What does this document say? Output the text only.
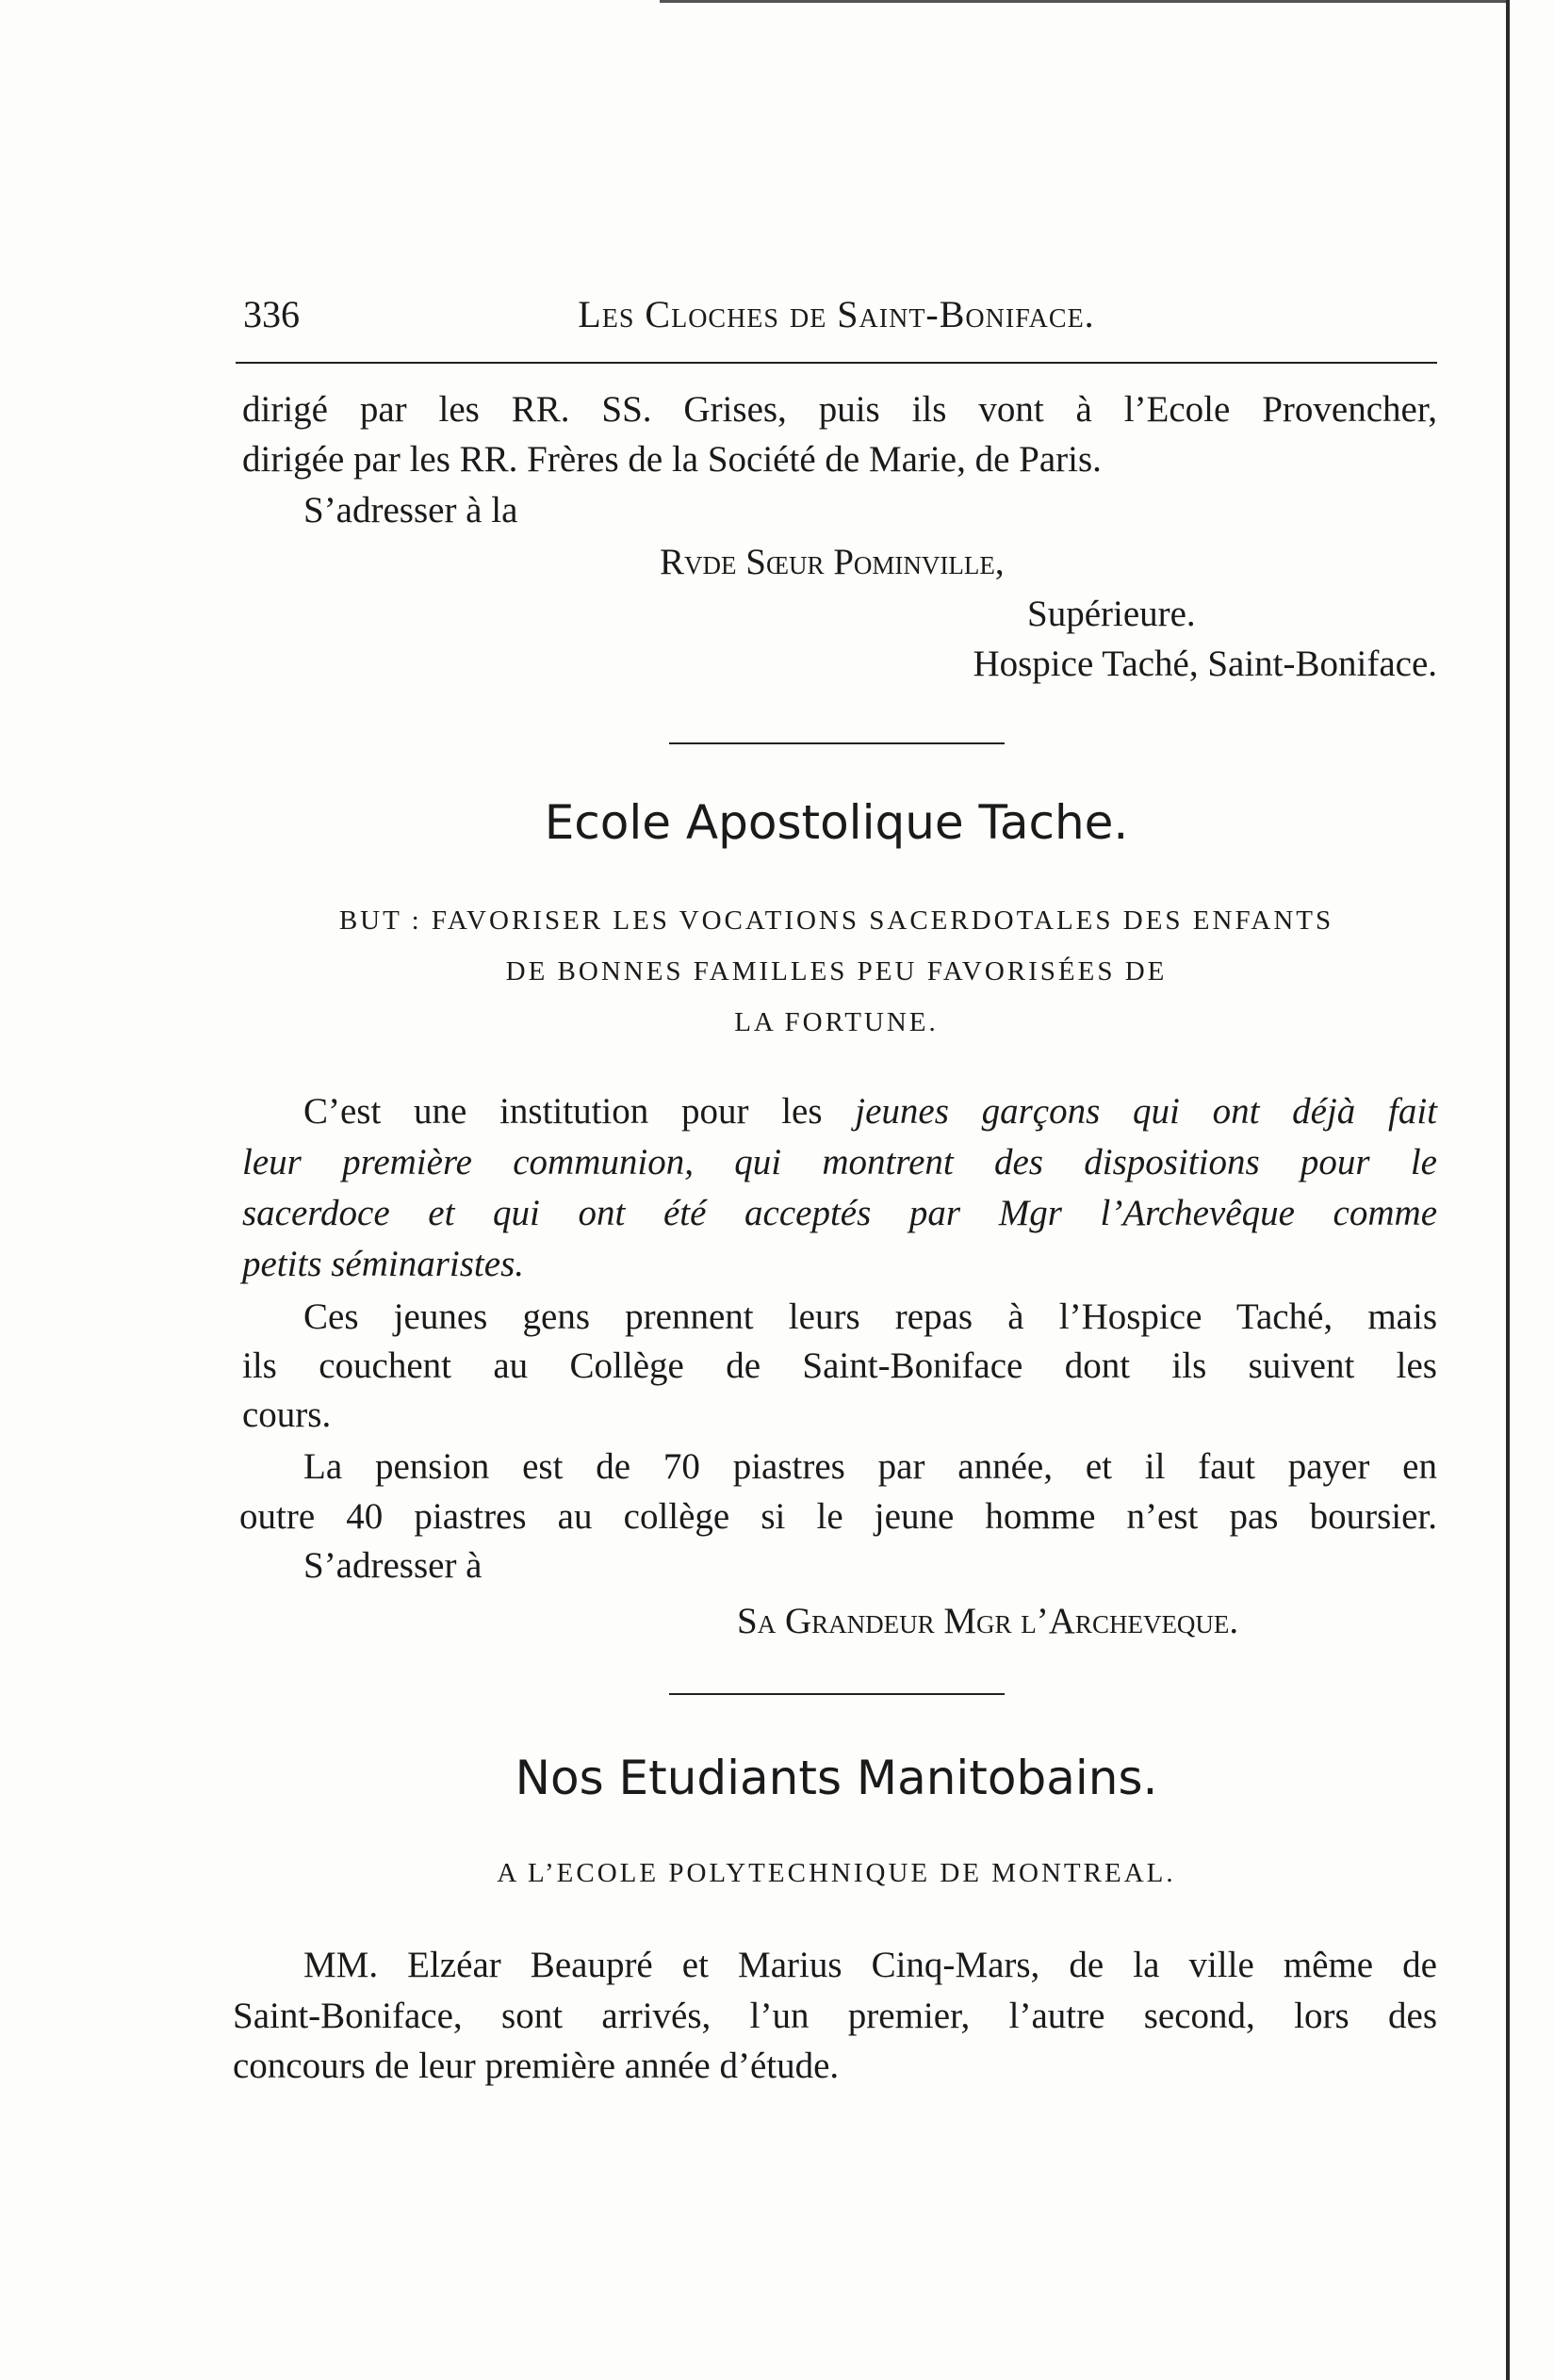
336	Les Cloches de Saint-Boniface.
dirigé par les RR. SS. Grises, puis ils vont à l’Ecole Provencher,
dirigée par les RR. Frères de la Société de Marie, de Paris.
S’adresser à la
Rvde Sœur Pominville,
Supérieure.
Hospice Taché, Saint-Boniface.
Ecole Apostolique Tache.
BUT : FAVORISER LES VOCATIONS SACERDOTALES DES ENFANTS
DE BONNES FAMILLES PEU FAVORISÉES DE
LA FORTUNE.
C’est une institution pour les jeunes garçons qui ont déjà fait
leur première communion, qui montrent des dispositions pour le
sacerdoce et qui ont été acceptés par Mgr l’Archevêque comme
petits séminaristes.
Ces jeunes gens prennent leurs repas à l’Hospice Taché, mais
ils couchent au Collège de Saint-Boniface dont ils suivent les
cours.
La pension est de 70 piastres par année, et il faut payer en
outre 40 piastres au collège si le jeune homme n’est pas boursier.
S’adresser à
Sa Grandeur Mgr l’Archeveque.
Nos Etudiants Manitobains.
A L’ECOLE POLYTECHNIQUE DE MONTREAL.
MM. Elzéar Beaupré et Marius Cinq-Mars, de la ville même de
Saint-Boniface, sont arrivés, l’un premier, l’autre second, lors des
concours de leur première année d’étude.
